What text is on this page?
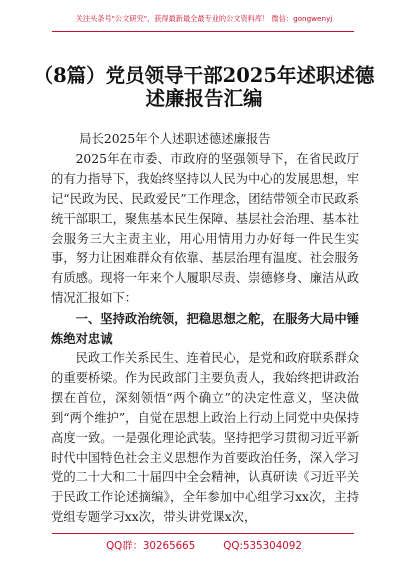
关注头条号"公文研究"，获得最新最全最专业的公文资料库！ 微信：gongwenyj
（8篇）党员领导干部2025年述职述德述廉报告汇编

局长2025年个人述职述德述廉报告

2025年在市委、市政府的坚强领导下，在省民政厅的有力指导下，我始终坚持以人民为中心的发展思想，牢记“民政为民、民政爱民”工作理念，团结带领全市民政系统干部职工，聚焦基本民生保障、基层社会治理、基本社会服务三大主责主业，用心用情用力办好每一件民生实事，努力让困难群众有依靠、基层治理有温度、社会服务有质感。现将一年来个人履职尽责、崇德修身、廉洁从政情况汇报如下：

一、坚持政治统领，把稳思想之舵，在服务大局中锤炼绝对忠诚

民政工作关系民生、连着民心，是党和政府联系群众的重要桥梁。作为民政部门主要负责人，我始终把讲政治摆在首位，深刻领悟“两个确立”的决定性意义，坚决做到“两个维护”，自觉在思想上政治上行动上同党中央保持高度一致。一是强化理论武装。坚持把学习贯彻习近平新时代中国特色社会主义思想作为首要政治任务，深入学习党的二十大和二十届四中全会精神，认真研读《习近平关于民政工作论述摘编》，全年参加中心组学习xx次，主持党组专题学习xx次，带头讲党课x次，

QQ群：30265665	QQ:535304092
